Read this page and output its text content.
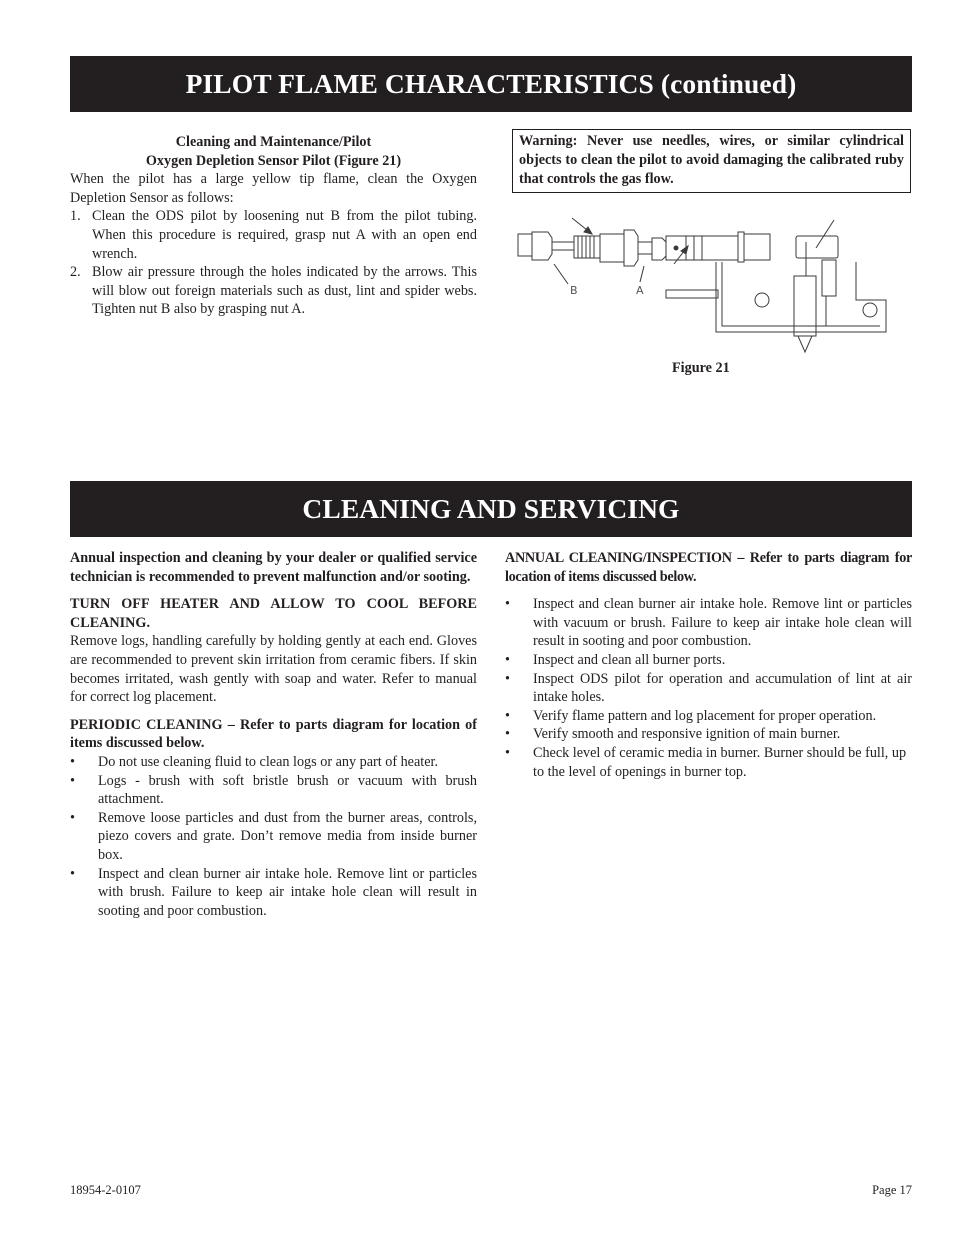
PILOT FLAME CHARACTERISTICS (continued)

Cleaning and Maintenance/Pilot

Oxygen Depletion Sensor Pilot (Figure 21)

When the pilot has a large yellow tip flame, clean the Oxygen Depletion Sensor as follows:

1. Clean the ODS pilot by loosening nut B from the pilot tubing. When this procedure is required, grasp nut A with an open end wrench.
2. Blow air pressure through the holes indicated by the arrows. This will blow out foreign materials such as dust, lint and spider webs. Tighten nut B also by grasping nut A.
Warning: Never use needles, wires, or similar cylindrical objects to clean the pilot to avoid damaging the calibrated ruby that controls the gas flow.
B	A
Figure 21
CLEANING AND SERVICING

Annual inspection and cleaning by your dealer or qualified service technician is recommended to prevent malfunction and/or sooting.

TURN OFF HEATER AND ALLOW TO COOL BEFORE CLEANING.

Remove logs, handling carefully by holding gently at each end. Gloves are recommended to prevent skin irritation from ceramic fibers. If skin becomes irritated, wash gently with soap and water. Refer to manual for correct log placement.

PERIODIC CLEANING – Refer to parts diagram for location of items discussed below.

• Do not use cleaning fluid to clean logs or any part of heater.
• Logs - brush with soft bristle brush or vacuum with brush attachment.
• Remove loose particles and dust from the burner areas, controls, piezo covers and grate. Don’t remove media from inside burner box.
• Inspect and clean burner air intake hole. Remove lint or particles with brush. Failure to keep air intake hole clean will result in sooting and poor combustion.

ANNUAL CLEANING/INSPECTION – Refer to parts diagram for location of items discussed below.

• Inspect and clean burner air intake hole. Remove lint or particles with vacuum or brush. Failure to keep air intake hole clean will result in sooting and poor combustion.
• Inspect and clean all burner ports.
• Inspect ODS pilot for operation and accumulation of lint at air intake holes.
• Verify flame pattern and log placement for proper operation.
• Verify smooth and responsive ignition of main burner.
• Check level of ceramic media in burner. Burner should be full, up to the level of openings in burner top.
18954-2-0107	Page 17
